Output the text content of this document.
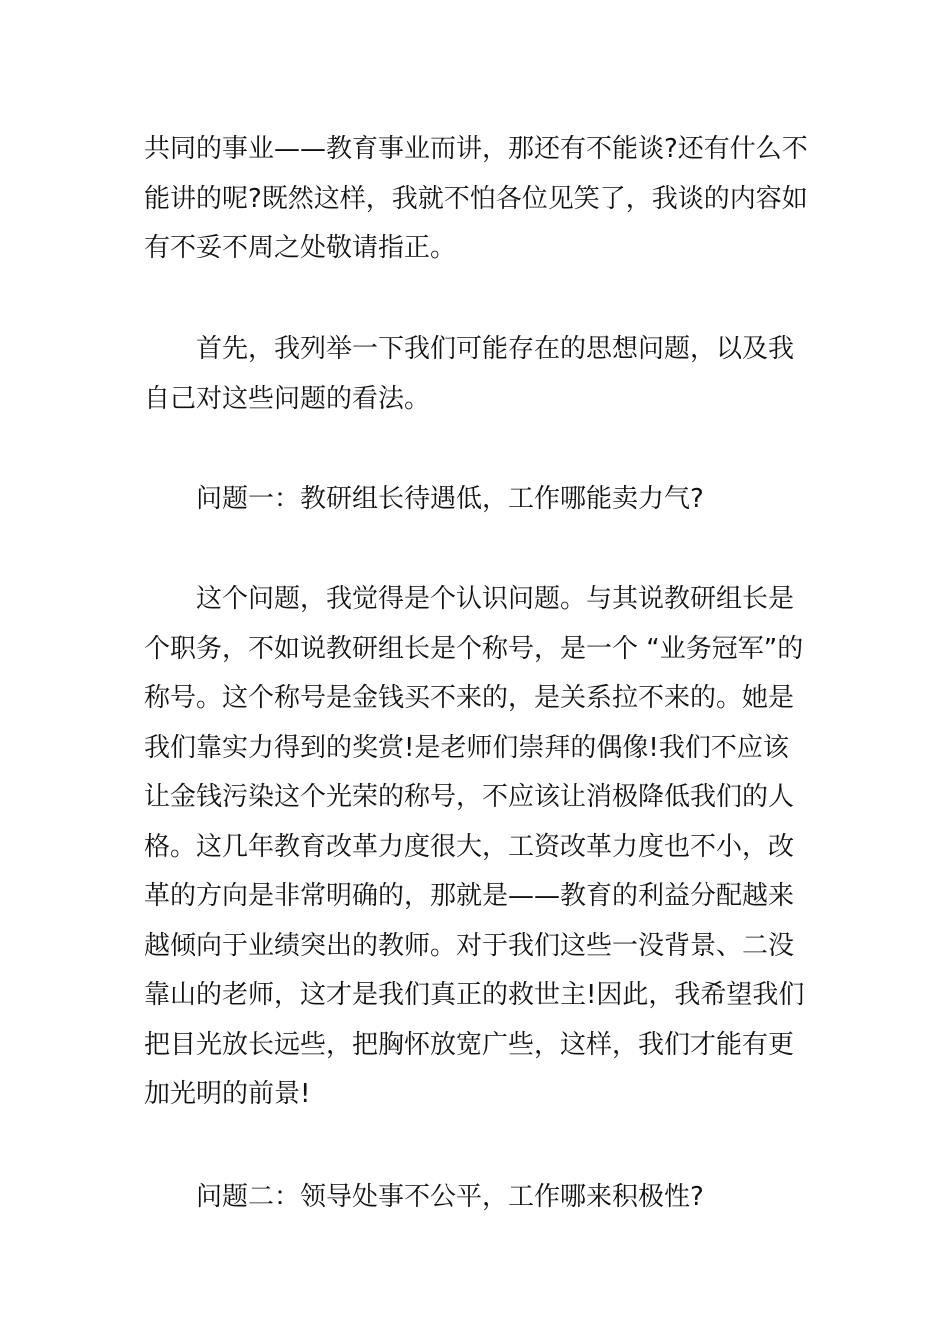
共同的事业——教育事业而讲，那还有不能谈?还有什么不能讲的呢?既然这样，我就不怕各位见笑了，我谈的内容如有不妥不周之处敬请指正。

首先，我列举一下我们可能存在的思想问题，以及我自己对这些问题的看法。

问题一：教研组长待遇低，工作哪能卖力气?

这个问题，我觉得是个认识问题。与其说教研组长是个职务，不如说教研组长是个称号，是一个 “业务冠军”的称号。这个称号是金钱买不来的，是关系拉不来的。她是我们靠实力得到的奖赏!是老师们崇拜的偶像!我们不应该让金钱污染这个光荣的称号，不应该让消极降低我们的人格。这几年教育改革力度很大，工资改革力度也不小，改革的方向是非常明确的，那就是——教育的利益分配越来越倾向于业绩突出的教师。对于我们这些一没背景、二没靠山的老师，这才是我们真正的救世主!因此，我希望我们把目光放长远些，把胸怀放宽广些，这样，我们才能有更加光明的前景!

问题二：领导处事不公平，工作哪来积极性?
